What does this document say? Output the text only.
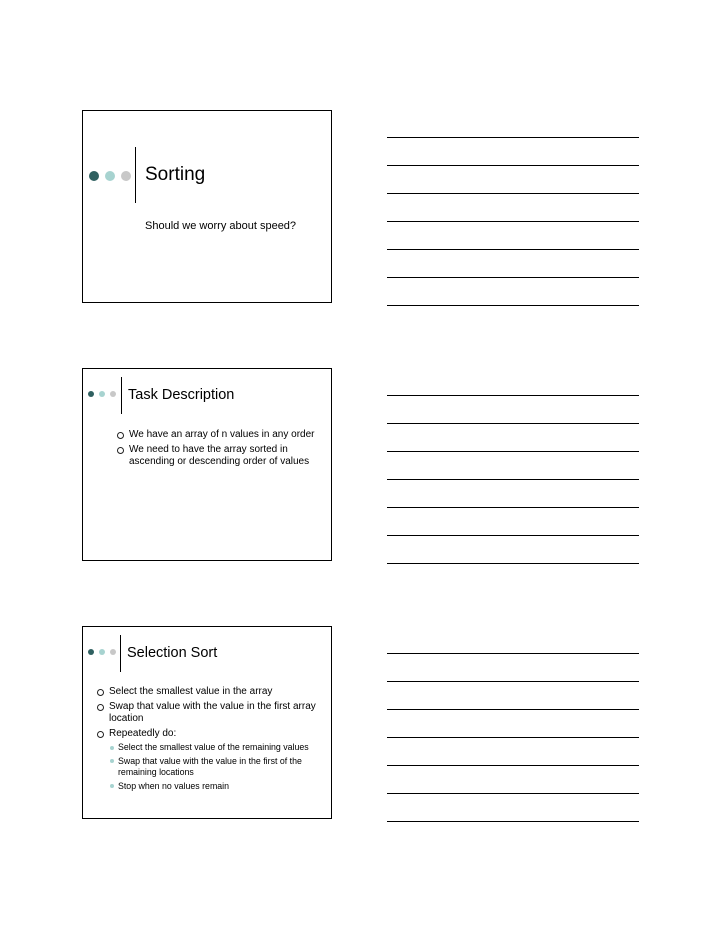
Sorting
Should we worry about speed?
Task Description
We have an array of n values in any order
We need to have the array sorted in ascending or descending order of values
Selection Sort
Select the smallest value in the array
Swap that value with the value in the first array location
Repeatedly do:
Select the smallest value of the remaining values
Swap that value with the value in the first of the remaining locations
Stop when no values remain
